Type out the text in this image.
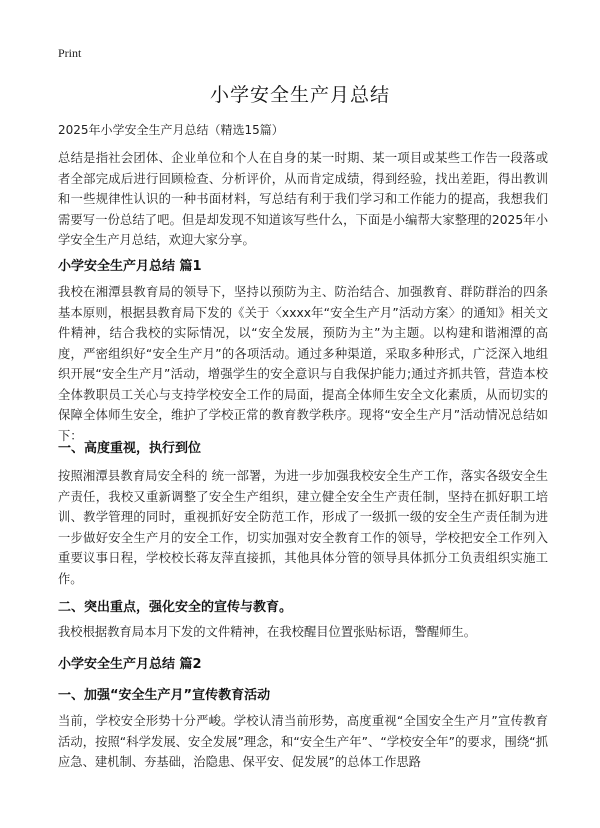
Print
小学安全生产月总结
2025年小学安全生产月总结（精选15篇）

总结是指社会团体、企业单位和个人在自身的某一时期、某一项目或某些工作告一段落或者全部完成后进行回顾检查、分析评价，从而肯定成绩，得到经验，找出差距，得出教训和一些规律性认识的一种书面材料，写总结有利于我们学习和工作能力的提高，我想我们需要写一份总结了吧。但是却发现不知道该写些什么，下面是小编帮大家整理的2025年小学安全生产月总结，欢迎大家分享。

小学安全生产月总结 篇1

我校在湘潭县教育局的领导下，坚持以预防为主、防治结合、加强教育、群防群治的四条基本原则，根据县教育局下发的《关于〈xxxx年“安全生产月”活动方案〉的通知》相关文件精神，结合我校的实际情况，以“安全发展，预防为主”为主题。以构建和谐湘潭的高度，严密组织好“安全生产月”的各项活动。通过多种渠道，采取多种形式，广泛深入地组织开展“安全生产月”活动，增强学生的安全意识与自我保护能力;通过齐抓共管，营造本校全体教职员工关心与支持学校安全工作的局面，提高全体师生安全文化素质，从而切实的保障全体师生安全，维护了学校正常的教育教学秩序。现将“安全生产月”活动情况总结如下：

一、高度重视，执行到位

按照湘潭县教育局安全科的 统一部署，为进一步加强我校安全生产工作，落实各级安全生产责任，我校又重新调整了安全生产组织，建立健全安全生产责任制，坚持在抓好职工培训、教学管理的同时，重视抓好安全防范工作，形成了一级抓一级的安全生产责任制为进一步做好安全生产月的安全工作，切实加强对安全教育工作的领导，学校把安全工作列入重要议事日程，学校校长蒋友萍直接抓，其他具体分管的领导具体抓分工负责组织实施工作。

二、突出重点，强化安全的宣传与教育。

我校根据教育局本月下发的文件精神，在我校醒目位置张贴标语，警醒师生。

小学安全生产月总结 篇2
一、加强“安全生产月”宣传教育活动

当前，学校安全形势十分严峻。学校认清当前形势，高度重视“全国安全生产月”宣传教育活动，按照“科学发展、安全发展”理念，和“安全生产年”、“学校安全年”的要求，围绕“抓应急、建机制、夯基础，治隐患、保平安、促发展”的总体工作思路
